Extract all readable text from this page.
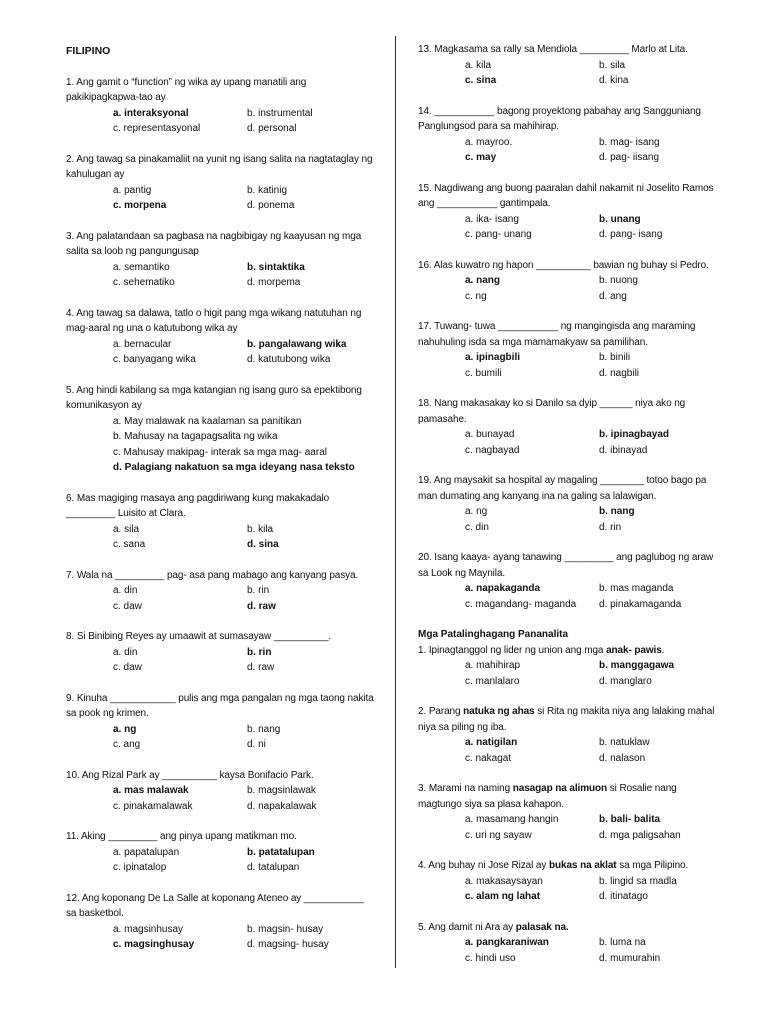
FILIPINO
1. Ang gamit o “function” ng wika ay upang manatili ang pakikipagkapwa-tao ay
a. interaksyonal	b. instrumental
c. representasyonal	d. personal
2. Ang tawag sa pinakamaliit na yunit ng isang salita na nagtataglay ng kahulugan ay
a. pantig	b. katinig
c. morpena	d. ponema
3. Ang palatandaan sa pagbasa na nagbibigay ng kaayusan ng mga salita sa loob ng pangungusap
a. semantiko	b. sintaktika
c. sehematiko	d. morpema
4. Ang tawag sa dalawa, tatlo o higit pang mga wikang natutuhan ng mag-aaral ng una o katutubong wika ay
a. bernacular	b. pangalawang wika
c. banyagang wika	d. katutubong wika
5. Ang hindi kabilang sa mga katangian ng isang guro sa epektibong komunikasyon ay
a. May malawak na kaalaman sa panitikan
b. Mahusay na tagapagsalita ng wika
c. Mahusay makipag- interak sa mga mag- aaral
d. Palagiang nakatuon sa mga ideyang nasa teksto
6. Mas magiging masaya ang pagdiriwang kung makakadalo _________ Luisito at Clara.
a. sila	b. kila
c. sana	d. sina
7. Wala na _________ pag- asa pang mabago ang kanyang pasya.
a. din	b. rin
c. daw	d. raw
8. Si Binibing Reyes ay umaawit at sumasayaw __________.
a. din	b. rin
c. daw	d. raw
9. Kinuha ____________ pulis ang mga pangalan ng mga taong nakita sa pook ng krimen.
a. ng	b. nang
c. ang	d. ni
10. Ang Rizal Park ay __________ kaysa Bonifacio Park.
a. mas malawak	b. magsinlawak
c. pinakamalawak	d. napakalawak
11. Aking _________ ang pinya upang matikman mo.
a. papatalupan	b. patatalupan
c. ipinatalop	d. tatalupan
12. Ang koponang De La Salle at koponang Ateneo ay ___________ sa basketbol.
a. magsinhusay	b. magsin- husay
c. magsinghusay	d. magsing- husay
13. Magkasama sa rally sa Mendiola _________ Marlo at Lita.
a. kila	b. sila
c. sina	d. kina
14. ___________ bagong proyektong pabahay ang Sangguniang Panglungsod para sa mahihirap.
a. mayroo.	b. mag- isang
c. may	d. pag- iisang
15. Nagdiwang ang buong paaralan dahil nakamit ni Joselito Ramos ang ___________ gantimpala.
a. ika- isang	b. unang
c. pang- unang	d. pang- isang
16. Alas kuwatro ng hapon __________ bawian ng buhay si Pedro.
a. nang	b. nuong
c. ng	d. ang
17. Tuwang- tuwa ___________ ng mangingisda ang maraming nahuhuling isda sa mga mamamakyaw sa pamilihan.
a. ipinagbili	b. binili
c. bumili	d. nagbili
18. Nang makasakay ko si Danilo sa dyip ______ niya ako ng pamasahe.
a. bunayad	b. ipinagbayad
c. nagbayad	d. ibinayad
19. Ang maysakit sa hospital ay magaling ________ totoo bago pa man dumating ang kanyang ina na galing sa lalawigan.
a. ng	b. nang
c. din	d. rin
20. Isang kaaya- ayang tanawing _________ ang paglubog ng araw sa Look ng Maynila.
a. napakaganda	b. mas maganda
c. magandang- maganda	d. pinakamaganda
Mga Patalinghagang Pananalita
1. Ipinagtanggol ng lider ng union ang mga anak- pawis.
a. mahihirap	b. manggagawa
c. manlalaro	d. manglaro
2. Parang natuka ng ahas si Rita ng makita niya ang lalaking mahal niya sa piling ng iba.
a. natigilan	b. natuklaw
c. nakagat	d. nalason
3. Marami na naming nasagap na alimuon si Rosalie nang magtungo siya sa plasa kahapon.
a. masamang hangin	b. bali- balita
c. uri ng sayaw	d. mga paligsahan
4. Ang buhay ni Jose Rizal ay bukas na aklat sa mga Pilipino.
a. makasaysayan	b. lingid sa madla
c. alam ng lahat	d. itinatago
5. Ang damit ni Ara ay palasak na.
a. pangkaraniwan	b. luma na
c. hindi uso	d. mumurahin
